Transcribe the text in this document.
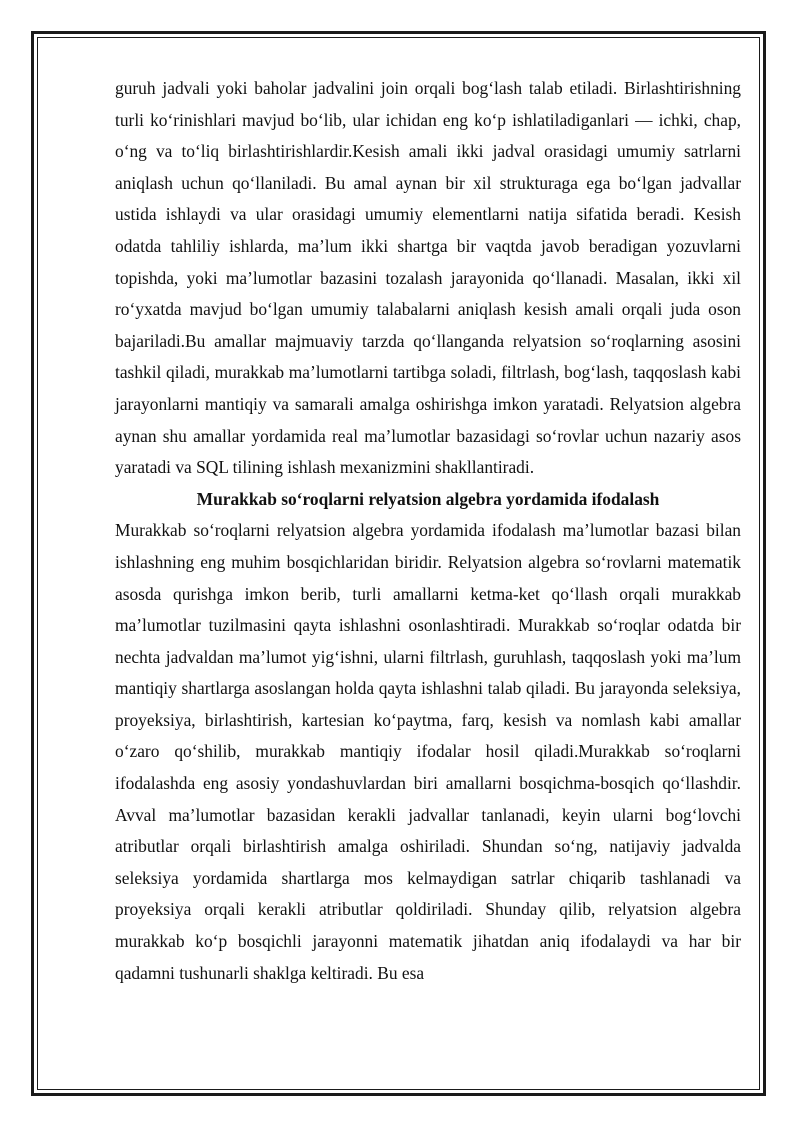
guruh jadvali yoki baholar jadvalini join orqali bog‘lash talab etiladi. Birlashtirishning turli ko‘rinishlari mavjud bo‘lib, ular ichidan eng ko‘p ishlatiladiganlari — ichki, chap, o‘ng va to‘liq birlashtirishlardir.Kesish amali ikki jadval orasidagi umumiy satrlarni aniqlash uchun qo‘llaniladi. Bu amal aynan bir xil strukturaga ega bo‘lgan jadvallar ustida ishlaydi va ular orasidagi umumiy elementlarni natija sifatida beradi. Kesish odatda tahliliy ishlarda, ma’lum ikki shartga bir vaqtda javob beradigan yozuvlarni topishda, yoki ma’lumotlar bazasini tozalash jarayonida qo‘llanadi. Masalan, ikki xil ro‘yxatda mavjud bo‘lgan umumiy talabalarni aniqlash kesish amali orqali juda oson bajariladi.Bu amallar majmuaviy tarzda qo‘llanganda relyatsion so‘roqlarning asosini tashkil qiladi, murakkab ma’lumotlarni tartibga soladi, filtrlash, bog‘lash, taqqoslash kabi jarayonlarni mantiqiy va samarali amalga oshirishga imkon yaratadi. Relyatsion algebra aynan shu amallar yordamida real ma’lumotlar bazasidagi so‘rovlar uchun nazariy asos yaratadi va SQL tilining ishlash mexanizmini shakllantiradi.

Murakkab so‘roqlarni relyatsion algebra yordamida ifodalash

Murakkab so‘roqlarni relyatsion algebra yordamida ifodalash ma’lumotlar bazasi bilan ishlashning eng muhim bosqichlaridan biridir. Relyatsion algebra so‘rovlarni matematik asosda qurishga imkon berib, turli amallarni ketma-ket qo‘llash orqali murakkab ma’lumotlar tuzilmasini qayta ishlashni osonlashtiradi. Murakkab so‘roqlar odatda bir nechta jadvaldan ma’lumot yig‘ishni, ularni filtrlash, guruhlash, taqqoslash yoki ma’lum mantiqiy shartlarga asoslangan holda qayta ishlashni talab qiladi. Bu jarayonda seleksiya, proyeksiya, birlashtirish, kartesian ko‘paytma, farq, kesish va nomlash kabi amallar o‘zaro qo‘shilib, murakkab mantiqiy ifodalar hosil qiladi.Murakkab so‘roqlarni ifodalashda eng asosiy yondashuvlardan biri amallarni bosqichma-bosqich qo‘llashdir. Avval ma’lumotlar bazasidan kerakli jadvallar tanlanadi, keyin ularni bog‘lovchi atributlar orqali birlashtirish amalga oshiriladi. Shundan so‘ng, natijaviy jadvalda seleksiya yordamida shartlarga mos kelmaydigan satrlar chiqarib tashlanadi va proyeksiya orqali kerakli atributlar qoldiriladi. Shunday qilib, relyatsion algebra murakkab ko‘p bosqichli jarayonni matematik jihatdan aniq ifodalaydi va har bir qadamni tushunarli shaklga keltiradi. Bu esa
